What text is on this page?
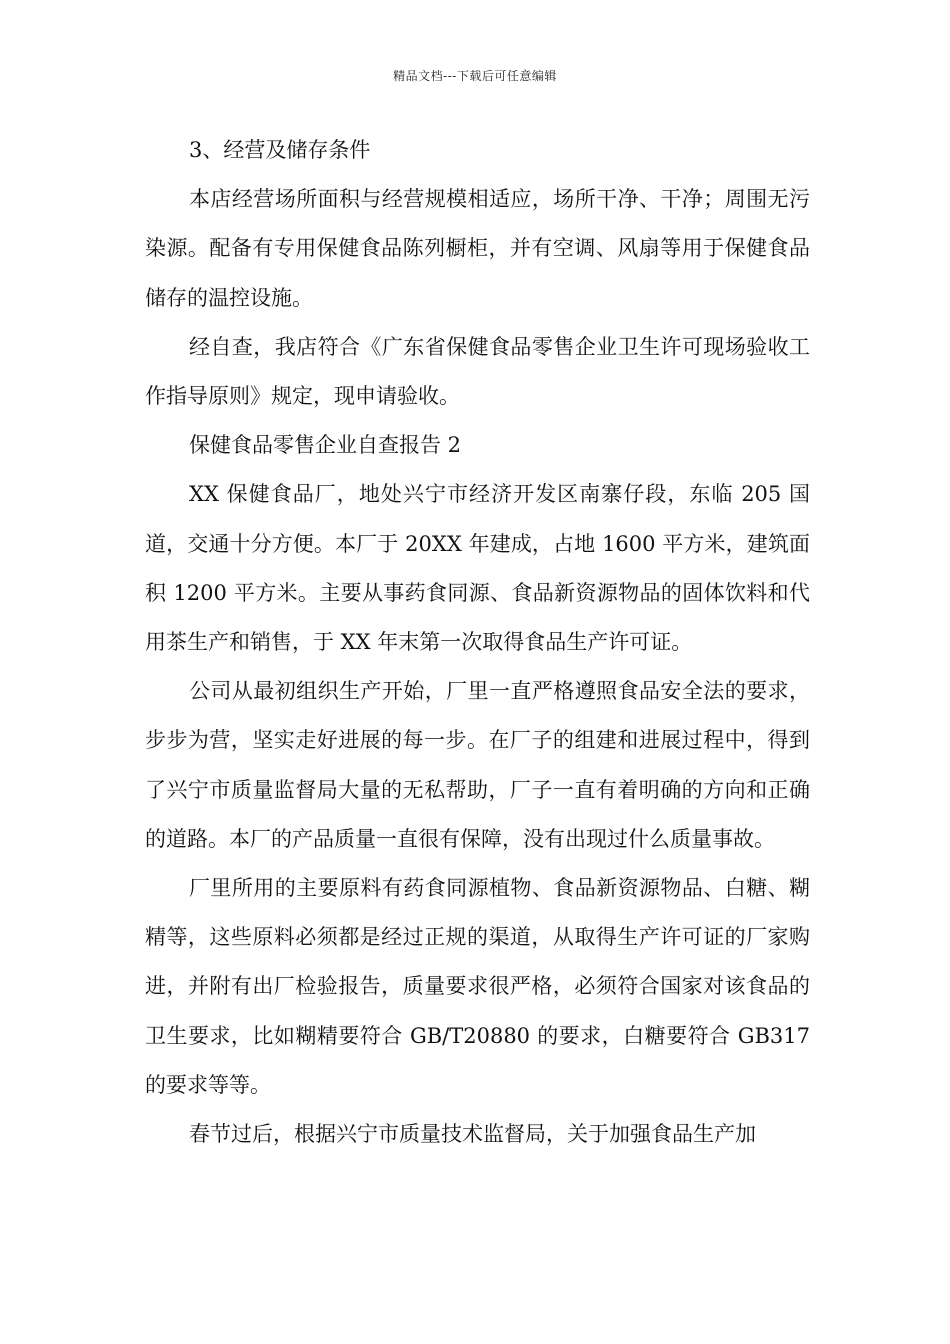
精品文档---下载后可任意编辑

3、经营及储存条件

本店经营场所面积与经营规模相适应，场所干净、干净；周围无污染源。配备有专用保健食品陈列橱柜，并有空调、风扇等用于保健食品储存的温控设施。

经自查，我店符合《广东省保健食品零售企业卫生许可现场验收工作指导原则》规定，现申请验收。

保健食品零售企业自查报告 2

XX 保健食品厂，地处兴宁市经济开发区南寨仔段，东临 205 国道，交通十分方便。本厂于 20XX 年建成，占地 1600 平方米，建筑面积 1200 平方米。主要从事药食同源、食品新资源物品的固体饮料和代用茶生产和销售，于 XX 年末第一次取得食品生产许可证。

公司从最初组织生产开始，厂里一直严格遵照食品安全法的要求，步步为营，坚实走好进展的每一步。在厂子的组建和进展过程中，得到了兴宁市质量监督局大量的无私帮助，厂子一直有着明确的方向和正确的道路。本厂的产品质量一直很有保障，没有出现过什么质量事故。

厂里所用的主要原料有药食同源植物、食品新资源物品、白糖、糊精等，这些原料必须都是经过正规的渠道，从取得生产许可证的厂家购进，并附有出厂检验报告，质量要求很严格，必须符合国家对该食品的卫生要求，比如糊精要符合 GB/T20880 的要求，白糖要符合 GB317 的要求等等。

春节过后，根据兴宁市质量技术监督局，关于加强食品生产加
